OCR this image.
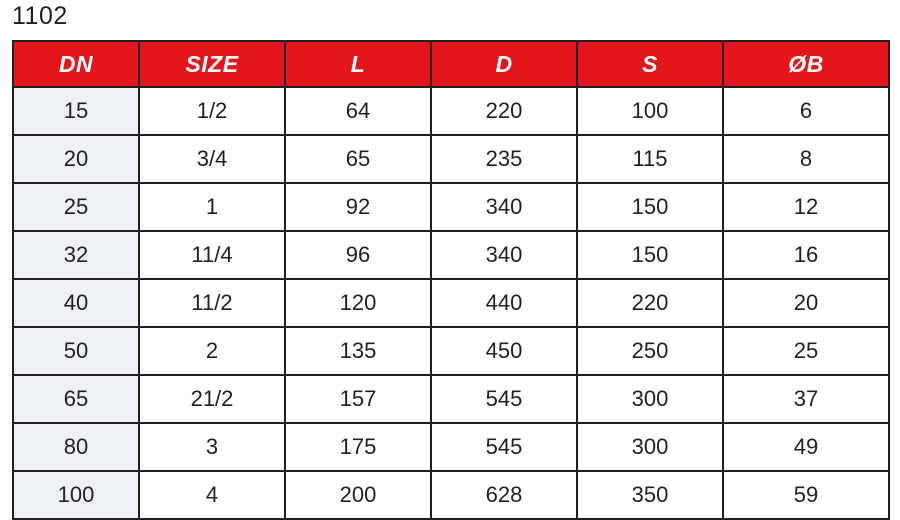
1102
DN	SIZE	L	D	S	ØB
15	1/2	64	220	100	6
20	3/4	65	235	115	8
25	1	92	340	150	12
32	11/4	96	340	150	16
40	11/2	120	440	220	20
50	2	135	450	250	25
65	21/2	157	545	300	37
80	3	175	545	300	49
100	4	200	628	350	59
